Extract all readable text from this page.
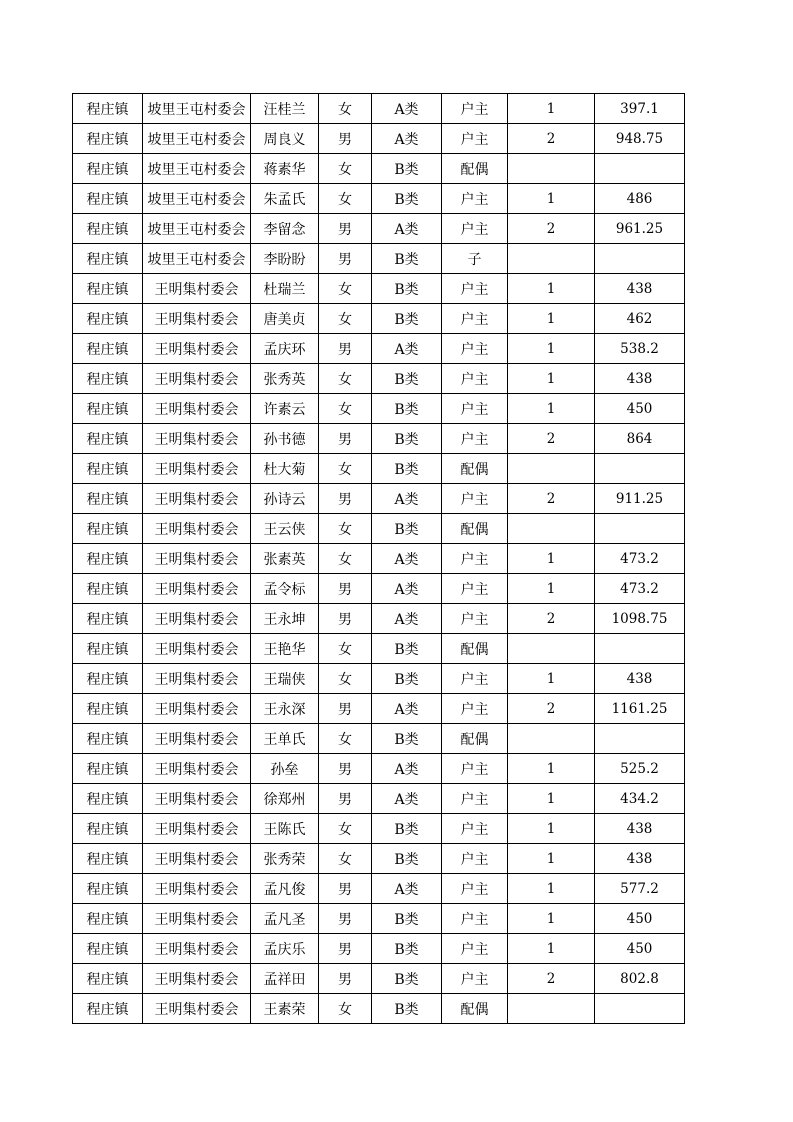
程庄镇	坡里王屯村委会	汪桂兰	女	A类	户主	1	397.1
程庄镇	坡里王屯村委会	周良义	男	A类	户主	2	948.75
程庄镇	坡里王屯村委会	蒋素华	女	B类	配偶		
程庄镇	坡里王屯村委会	朱孟氏	女	B类	户主	1	486
程庄镇	坡里王屯村委会	李留念	男	A类	户主	2	961.25
程庄镇	坡里王屯村委会	李盼盼	男	B类	子		
程庄镇	王明集村委会	杜瑞兰	女	B类	户主	1	438
程庄镇	王明集村委会	唐美贞	女	B类	户主	1	462
程庄镇	王明集村委会	孟庆环	男	A类	户主	1	538.2
程庄镇	王明集村委会	张秀英	女	B类	户主	1	438
程庄镇	王明集村委会	许素云	女	B类	户主	1	450
程庄镇	王明集村委会	孙书德	男	B类	户主	2	864
程庄镇	王明集村委会	杜大菊	女	B类	配偶		
程庄镇	王明集村委会	孙诗云	男	A类	户主	2	911.25
程庄镇	王明集村委会	王云侠	女	B类	配偶		
程庄镇	王明集村委会	张素英	女	A类	户主	1	473.2
程庄镇	王明集村委会	孟令标	男	A类	户主	1	473.2
程庄镇	王明集村委会	王永坤	男	A类	户主	2	1098.75
程庄镇	王明集村委会	王艳华	女	B类	配偶		
程庄镇	王明集村委会	王瑞侠	女	B类	户主	1	438
程庄镇	王明集村委会	王永深	男	A类	户主	2	1161.25
程庄镇	王明集村委会	王单氏	女	B类	配偶		
程庄镇	王明集村委会	孙垒	男	A类	户主	1	525.2
程庄镇	王明集村委会	徐郑州	男	A类	户主	1	434.2
程庄镇	王明集村委会	王陈氏	女	B类	户主	1	438
程庄镇	王明集村委会	张秀荣	女	B类	户主	1	438
程庄镇	王明集村委会	孟凡俊	男	A类	户主	1	577.2
程庄镇	王明集村委会	孟凡圣	男	B类	户主	1	450
程庄镇	王明集村委会	孟庆乐	男	B类	户主	1	450
程庄镇	王明集村委会	孟祥田	男	B类	户主	2	802.8
程庄镇	王明集村委会	王素荣	女	B类	配偶		
